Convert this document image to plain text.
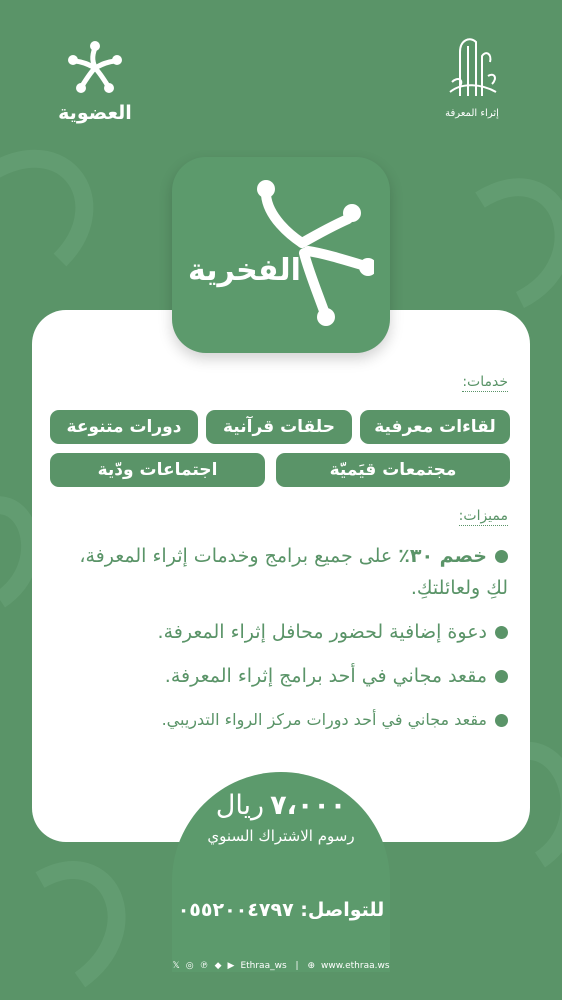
العضوية	إثراء المعرفة
الفخرية
خدمات:
لقاءات معرفية
حلقات قرآنية
دورات متنوعة
مجتمعات قيَميّة
اجتماعات ودّية
مميزات:
خصم ٣٠٪ على جميع برامج وخدمات إثراء المعرفة، لكِ ولعائلتكِ.
دعوة إضافية لحضور محافل إثراء المعرفة.
مقعد مجاني في أحد برامج إثراء المعرفة.
مقعد مجاني في أحد دورات مركز الرواء التدريبي.
٧،٠٠٠ريال
رسوم الاشتراك السنوي
للتواصل: ٠٥٥٢٠٠٤٧٩٧
𝕏 ◎ ℗ ◆ ▶ Ethraa_ws | ⊕ www.ethraa.ws
